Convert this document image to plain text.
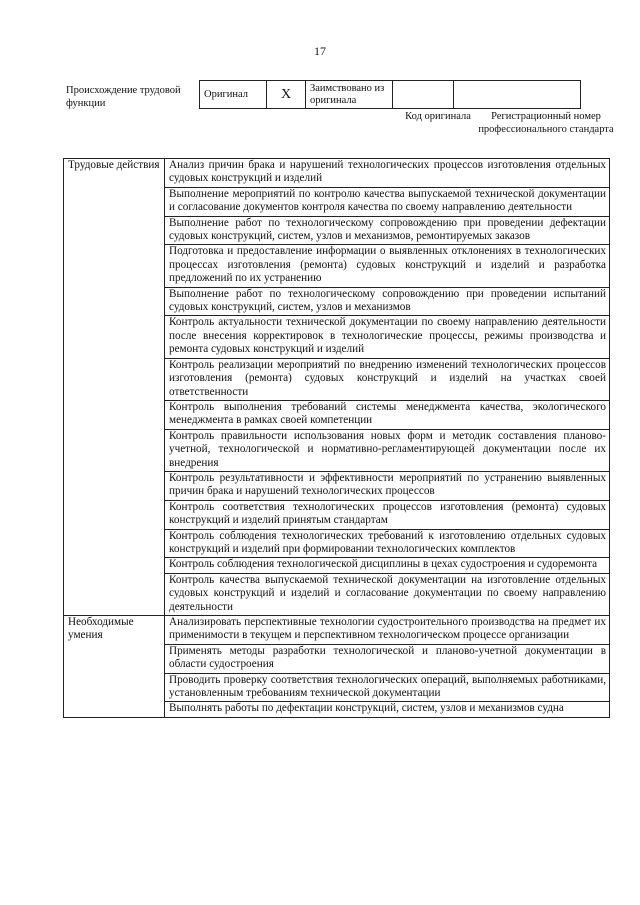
17
Происхождение трудовой функции
Оригинал	X	Заимствовано из оригинала		
Код оригинала	Регистрационный номер профессионального стандарта
Трудовые действия	Анализ причин брака и нарушений технологических процессов изготовления отдельных судовых конструкций и изделий
	Выполнение мероприятий по контролю качества выпускаемой технической документации и согласование документов контроля качества по своему направлению деятельности
	Выполнение работ по технологическому сопровождению при проведении дефектации судовых конструкций, систем, узлов и механизмов, ремонтируемых заказов
	Подготовка и предоставление информации о выявленных отклонениях в технологических процессах изготовления (ремонта) судовых конструкций и изделий и разработка предложений по их устранению
	Выполнение работ по технологическому сопровождению при проведении испытаний судовых конструкций, систем, узлов и механизмов
	Контроль актуальности технической документации по своему направлению деятельности после внесения корректировок в технологические процессы, режимы производства и ремонта судовых конструкций и изделий
	Контроль реализации мероприятий по внедрению изменений технологических процессов изготовления (ремонта) судовых конструкций и изделий на участках своей ответственности
	Контроль выполнения требований системы менеджмента качества, экологического менеджмента в рамках своей компетенции
	Контроль правильности использования новых форм и методик составления планово-учетной, технологической и нормативно-регламентирующей документации после их внедрения
	Контроль результативности и эффективности мероприятий по устранению выявленных причин брака и нарушений технологических процессов
	Контроль соответствия технологических процессов изготовления (ремонта) судовых конструкций и изделий принятым стандартам
	Контроль соблюдения технологических требований к изготовлению отдельных судовых конструкций и изделий при формировании технологических комплектов
	Контроль соблюдения технологической дисциплины в цехах судостроения и судоремонта
	Контроль качества выпускаемой технической документации на изготовление отдельных судовых конструкций и изделий и согласование документации по своему направлению деятельности
Необходимые умения	Анализировать перспективные технологии судостроительного производства на предмет их применимости в текущем и перспективном технологическом процессе организации
	Применять методы разработки технологической и планово-учетной документации в области судостроения
	Проводить проверку соответствия технологических операций, выполняемых работниками, установленным требованиям технической документации
	Выполнять работы по дефектации конструкций, систем, узлов и механизмов судна
